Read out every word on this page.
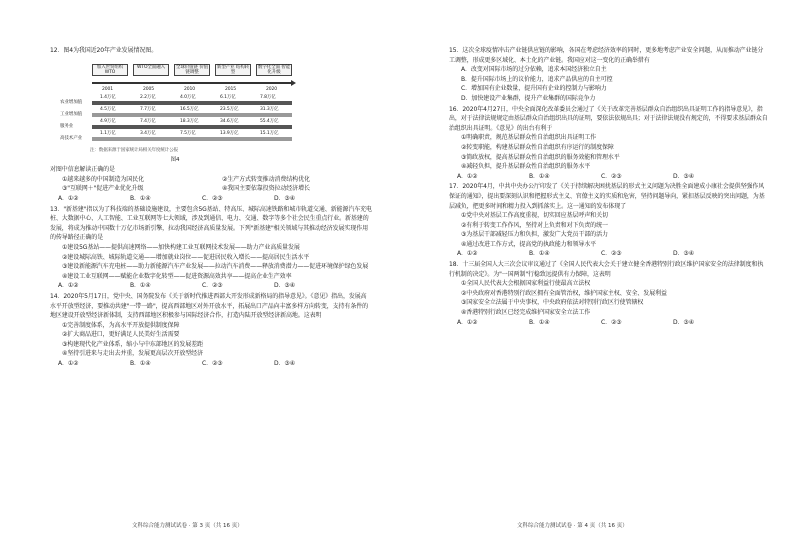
12．图4为我国近20年产业发展情况图。
加入世贸组织 WTO
WTO全面融入	全球价值链 价值链调整
新型产业 结构转型
数字化全面 智能化升级
2001	2005	2010	2015	2020
农业增加值
1.4万亿	2.2万亿	4.0万亿	6.1万亿	7.8万亿
工业增加值
4.5万亿	7.7万亿	16.5万亿	23.5万亿	31.3万亿
服务业
4.9万亿	7.4万亿	18.3万亿	34.6万亿	55.4万亿
高技术产业
1.1万亿	3.4万亿	7.5万亿	13.9万亿	15.1万亿
注：数据来源于国家统计局相关年度统计公报
图4
对图中信息解读正确的是
①越来越多的中国制造为国民化	②生产方式转变推动消费结构优化
③"互联网＋"促进产业优化升级	④我国主要依靠投资拉动经济增长
A．①②	B．①④	C．②③	D．③④
13．"新基建"指以为了科技端的基础设施建设，主要包含5G基站、特高压、城际高速铁路和城市轨道交通、新能源汽车充电桩、大数据中心、人工智能、工业互联网等七大领域，涉及到通信、电力、交通、数字等多个社会民生重点行业。新基建的发展，将成为推动中国数十万亿市场新引擎，拉动我国经济高质量发展。下列"新基建"相关领域与其推动经济发展实现作用的传导路径正确的是
①建设5G基站——提供高速网络——加快构建工业互联网技术发展——助力产业高质量发展
②建设城际高铁、城际轨道交通——增加就业岗位——促进居民收入增长——提高居民生活水平
③建设新能源汽车充电桩——助力新能源汽车产业发展——拉动汽车消费——释放消费潜力——促进环境保护绿色发展
④建设工业互联网——赋能企业数字化转型——促进资源高效共享——提高企业生产效率
A．①②	B．①④	C．②③	D．③④
14．2020年5月17日，党中央、国务院发布《关于新时代推进西部大开发形成新格局的指导意见》。《意见》指出，发展高水平开放型经济，要推动共建"一带一路"，提高西部地区对外开放水平，拓展出口产品向丰富多样方向转变，支持有条件的地区建设开放型经济新体制，支持西部地区积极参与国际经济合作，打造内陆开放型经济新高地。这表明
①完善制度体系，为高水平开放提供制度保障
②扩大商品进口，更好满足人民美好生活需要
③构建现代化产业体系，缩小与中东部地区的发展差距
④坚持引进来与走出去并重，发展更高层次开放型经济
A．①②	B．①④	C．②③	D．③④
文科综合能力测试试卷 · 第 3 页（共 16 页）
15．这次全球疫情冲击产业链供应链的影响，各国在考虑经济效率的同时，更多地考虑产业安全问题，从而推动产业链分工调整，形成更多区域化、本土化的产业链。我国应对这一变化的正确举措有
A．改变对国际市场的过分依赖，追求本国经济独立自主
B．提升国际市场上的议价能力，追求产品供应的自主可控
C．增加国有企业数量，提升国有企业的控制力与影响力
D．加快建设产业集群，提升产业集群的国际竞争力
16．2020年4月27日，中央全面深化改革委员会通过了《关于改革完善基层群众自治组织出具证明工作的指导意见》，指出，对于法律法规规定由基层群众自治组织出具的证明，要依法依规出具；对于法律法规没有规定的，不得要求基层群众自治组织出具证明。《意见》的出台有利于
①明确职责，规范基层群众性自治组织出具证明工作
②转变职能，构建基层群众性自治组织有序运行的制度保障
③简政放权，提高基层群众性自治组织的服务效能和管理水平
④减轻负担，提升基层群众性自治组织的服务水平
A．①②	B．①④	C．②③	D．③④
17．2020年4月，中共中央办公厅印发了《关于持续解决困扰基层的形式主义问题为决胜全面建成小康社会提供坚强作风保证的通知》，提出要深刻认识和把握形式主义、官僚主义的实质和危害，坚持问题导向，紧扣基层反映的突出问题，为基层减负，把更多时间和精力投入到抓落实上。这一通知的发布体现了
①党中央对基层工作高度重视，切实回应基层呼声和关切
②有利于转变工作作风，坚持对上负责和对下负责的统一
③为基层干部减轻压力和负担，激发广大党员干部的活力
④通过改进工作方式，提高党的执政能力和领导水平
A．①②	B．①④	C．②③	D．③④
18．十三届全国人大三次会议审议通过了《全国人民代表大会关于建立健全香港特别行政区维护国家安全的法律制度和执行机制的决定》。为"一国两制"行稳致远提供有力保障，这表明
①全国人民代表大会根据国家利益行使最高立法权
②中央政府对香港特别行政区拥有全面管治权，维护国家主权、安全、发展利益
③国家安全立法属于中央事权，中央政府依法对特别行政区行使管辖权
④香港特别行政区已经完成维护国家安全立法工作
A．①②	B．①④	C．②③	D．③④
文科综合能力测试试卷 · 第 4 页（共 16 页）
